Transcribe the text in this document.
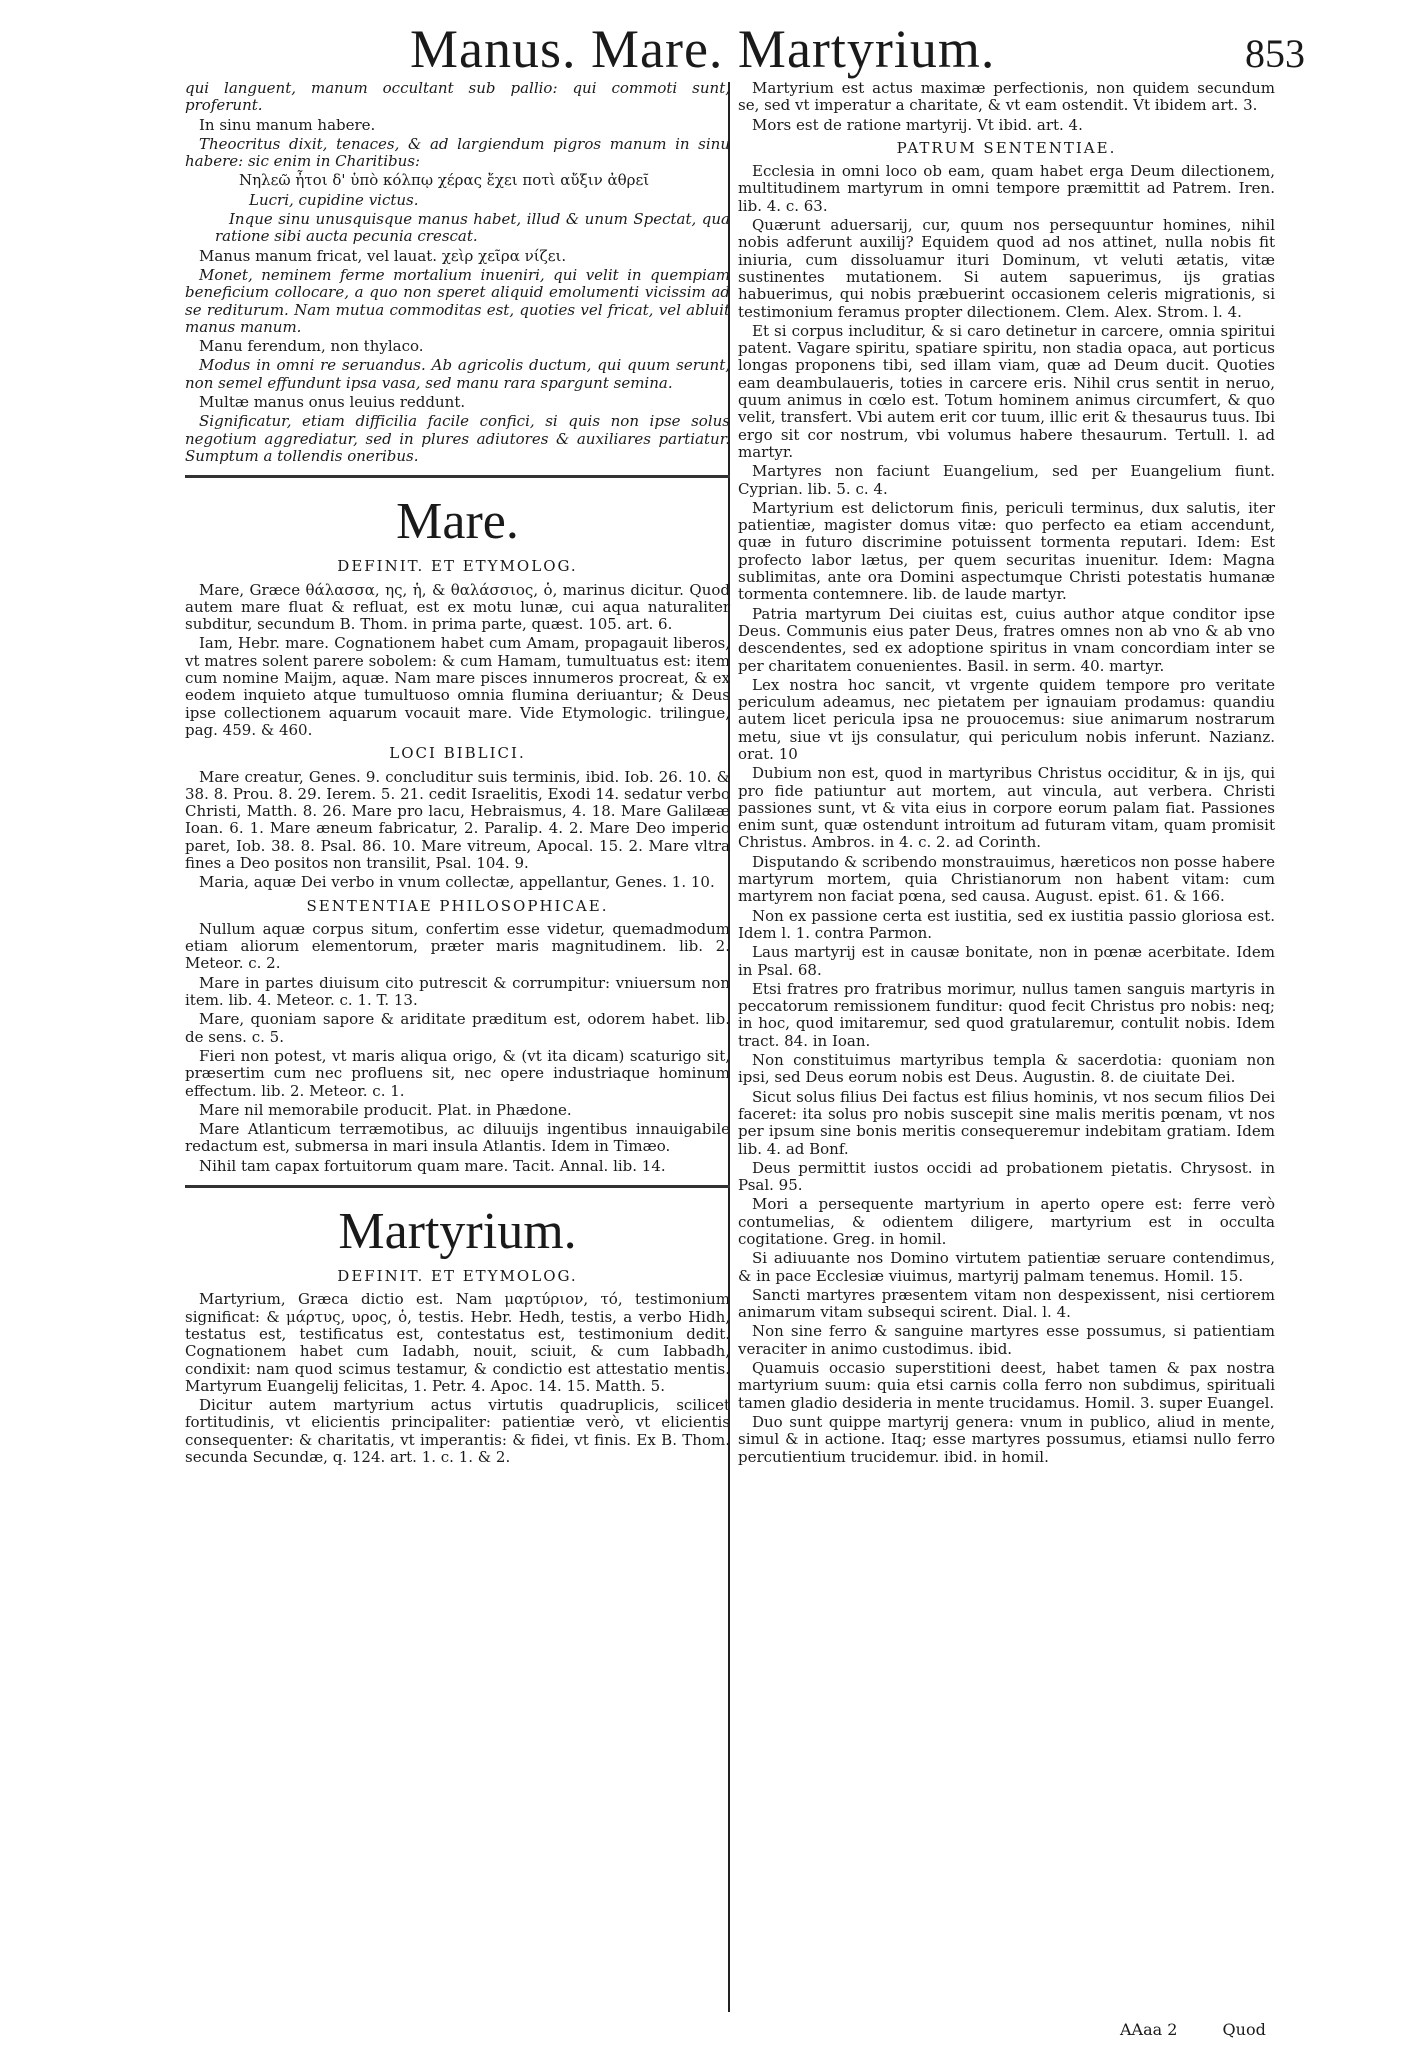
Manus. Mare. Martyrium.	853

qui languent, manum occultant sub pallio: qui commoti sunt, proferunt.

In sinu manum habere.

Theocritus dixit, tenaces, & ad largiendum pigros manum in sinu habere: sic enim in Charitibus:

Νηλεῶ ἦτοι δ' ὑπὸ κόλπῳ χέρας ἔχει ποτὶ αὔξιν ἀθρεῖ

Lucri, cupidine victus.

Inque sinu unusquisque manus habet, illud & unum Spectat, qua ratione sibi aucta pecunia crescat.

Manus manum fricat, vel lauat. χεὶρ χεῖρα νίζει.

Monet, neminem ferme mortalium inueniri, qui velit in quempiam beneficium collocare, a quo non speret aliquid emolumenti vicissim ad se rediturum. Nam mutua commoditas est, quoties vel fricat, vel abluit manus manum.

Manu ferendum, non thylaco.

Modus in omni re seruandus. Ab agricolis ductum, qui quum serunt, non semel effundunt ipsa vasa, sed manu rara spargunt semina.

Multæ manus onus leuius reddunt.

Significatur, etiam difficilia facile confici, si quis non ipse solus negotium aggrediatur, sed in plures adiutores & auxiliares partiatur. Sumptum a tollendis oneribus.

Mare.
DEFINIT. ET ETYMOLOG.

Mare, Græce θάλασσα, ης, ἡ, & θαλάσσιος, ὁ, marinus dicitur. Quod autem mare fluat & refluat, est ex motu lunæ, cui aqua naturaliter subditur, secundum B. Thom. in prima parte, quæst. 105. art. 6.

Iam, Hebr. mare. Cognationem habet cum Amam, propagauit liberos, vt matres solent parere sobolem: & cum Hamam, tumultuatus est: item cum nomine Maijm, aquæ. Nam mare pisces innumeros procreat, & ex eodem inquieto atque tumultuoso omnia flumina deriuantur; & Deus ipse collectionem aquarum vocauit mare. Vide Etymologic. trilingue, pag. 459. & 460.

LOCI BIBLICI.

Mare creatur, Genes. 9. concluditur suis terminis, ibid. Iob. 26. 10. & 38. 8. Prou. 8. 29. Ierem. 5. 21. cedit Israelitis, Exodi 14. sedatur verbo Christi, Matth. 8. 26. Mare pro lacu, Hebraismus, 4. 18. Mare Galilææ Ioan. 6. 1. Mare æneum fabricatur, 2. Paralip. 4. 2. Mare Deo imperio paret, Iob. 38. 8. Psal. 86. 10. Mare vitreum, Apocal. 15. 2. Mare vltra fines a Deo positos non transilit, Psal. 104. 9.

Maria, aquæ Dei verbo in vnum collectæ, appellantur, Genes. 1. 10.

SENTENTIAE PHILOSOPHICAE.

Nullum aquæ corpus situm, confertim esse videtur, quemadmodum etiam aliorum elementorum, præter maris magnitudinem. lib. 2. Meteor. c. 2.

Mare in partes diuisum cito putrescit & corrumpitur: vniuersum non item. lib. 4. Meteor. c. 1. T. 13.

Mare, quoniam sapore & ariditate præditum est, odorem habet. lib. de sens. c. 5.

Fieri non potest, vt maris aliqua origo, & (vt ita dicam) scaturigo sit, præsertim cum nec profluens sit, nec opere industriaque hominum effectum. lib. 2. Meteor. c. 1.

Mare nil memorabile producit. Plat. in Phædone.

Mare Atlanticum terræmotibus, ac diluuijs ingentibus innauigabile redactum est, submersa in mari insula Atlantis. Idem in Timæo.

Nihil tam capax fortuitorum quam mare. Tacit. Annal. lib. 14.

Martyrium.
DEFINIT. ET ETYMOLOG.

Martyrium, Græca dictio est. Nam μαρτύριον, τό, testimonium significat: & μάρτυς, υρος, ὁ, testis. Hebr. Hedh, testis, a verbo Hidh, testatus est, testificatus est, contestatus est, testimonium dedit. Cognationem habet cum Iadabh, nouit, sciuit, & cum Iabbadh, condixit: nam quod scimus testamur, & condictio est attestatio mentis. Martyrum Euangelij felicitas, 1. Petr. 4. Apoc. 14. 15. Matth. 5.

Dicitur autem martyrium actus virtutis quadruplicis, scilicet fortitudinis, vt elicientis principaliter: patientiæ verò, vt elicientis consequenter: & charitatis, vt imperantis: & fidei, vt finis. Ex B. Thom. secunda Secundæ, q. 124. art. 1. c. 1. & 2.

Martyrium est actus maximæ perfectionis, non quidem secundum se, sed vt imperatur a charitate, & vt eam ostendit. Vt ibidem art. 3.

Mors est de ratione martyrij. Vt ibid. art. 4.

PATRUM SENTENTIAE.

Ecclesia in omni loco ob eam, quam habet erga Deum dilectionem, multitudinem martyrum in omni tempore præmittit ad Patrem. Iren. lib. 4. c. 63.

Quærunt aduersarij, cur, quum nos persequuntur homines, nihil nobis adferunt auxilij? Equidem quod ad nos attinet, nulla nobis fit iniuria, cum dissoluamur ituri Dominum, vt veluti ætatis, vitæ sustinentes mutationem. Si autem sapuerimus, ijs gratias habuerimus, qui nobis præbuerint occasionem celeris migrationis, si testimonium feramus propter dilectionem. Clem. Alex. Strom. l. 4.

Et si corpus includitur, & si caro detinetur in carcere, omnia spiritui patent. Vagare spiritu, spatiare spiritu, non stadia opaca, aut porticus longas proponens tibi, sed illam viam, quæ ad Deum ducit. Quoties eam deambulaueris, toties in carcere eris. Nihil crus sentit in neruo, quum animus in cœlo est. Totum hominem animus circumfert, & quo velit, transfert. Vbi autem erit cor tuum, illic erit & thesaurus tuus. Ibi ergo sit cor nostrum, vbi volumus habere thesaurum. Tertull. l. ad martyr.

Martyres non faciunt Euangelium, sed per Euangelium fiunt. Cyprian. lib. 5. c. 4.

Martyrium est delictorum finis, periculi terminus, dux salutis, iter patientiæ, magister domus vitæ: quo perfecto ea etiam accendunt, quæ in futuro discrimine potuissent tormenta reputari. Idem: Est profecto labor lætus, per quem securitas inuenitur. Idem: Magna sublimitas, ante ora Domini aspectumque Christi potestatis humanæ tormenta contemnere. lib. de laude martyr.

Patria martyrum Dei ciuitas est, cuius author atque conditor ipse Deus. Communis eius pater Deus, fratres omnes non ab vno & ab vno descendentes, sed ex adoptione spiritus in vnam concordiam inter se per charitatem conuenientes. Basil. in serm. 40. martyr.

Lex nostra hoc sancit, vt vrgente quidem tempore pro veritate periculum adeamus, nec pietatem per ignauiam prodamus: quandiu autem licet pericula ipsa ne prouocemus: siue animarum nostrarum metu, siue vt ijs consulatur, qui periculum nobis inferunt. Nazianz. orat. 10

Dubium non est, quod in martyribus Christus occiditur, & in ijs, qui pro fide patiuntur aut mortem, aut vincula, aut verbera. Christi passiones sunt, vt & vita eius in corpore eorum palam fiat. Passiones enim sunt, quæ ostendunt introitum ad futuram vitam, quam promisit Christus. Ambros. in 4. c. 2. ad Corinth.

Disputando & scribendo monstrauimus, hæreticos non posse habere martyrum mortem, quia Christianorum non habent vitam: cum martyrem non faciat pœna, sed causa. August. epist. 61. & 166.

Non ex passione certa est iustitia, sed ex iustitia passio gloriosa est. Idem l. 1. contra Parmon.

Laus martyrij est in causæ bonitate, non in pœnæ acerbitate. Idem in Psal. 68.

Etsi fratres pro fratribus morimur, nullus tamen sanguis martyris in peccatorum remissionem funditur: quod fecit Christus pro nobis: neq; in hoc, quod imitaremur, sed quod gratularemur, contulit nobis. Idem tract. 84. in Ioan.

Non constituimus martyribus templa & sacerdotia: quoniam non ipsi, sed Deus eorum nobis est Deus. Augustin. 8. de ciuitate Dei.

Sicut solus filius Dei factus est filius hominis, vt nos secum filios Dei faceret: ita solus pro nobis suscepit sine malis meritis pœnam, vt nos per ipsum sine bonis meritis consequeremur indebitam gratiam. Idem lib. 4. ad Bonf.

Deus permittit iustos occidi ad probationem pietatis. Chrysost. in Psal. 95.

Mori a persequente martyrium in aperto opere est: ferre verò contumelias, & odientem diligere, martyrium est in occulta cogitatione. Greg. in homil.

Si adiuuante nos Domino virtutem patientiæ seruare contendimus, & in pace Ecclesiæ viuimus, martyrij palmam tenemus. Homil. 15.

Sancti martyres præsentem vitam non despexissent, nisi certiorem animarum vitam subsequi scirent. Dial. l. 4.

Non sine ferro & sanguine martyres esse possumus, si patientiam veraciter in animo custodimus. ibid.

Quamuis occasio superstitioni deest, habet tamen & pax nostra martyrium suum: quia etsi carnis colla ferro non subdimus, spirituali tamen gladio desideria in mente trucidamus. Homil. 3. super Euangel.

Duo sunt quippe martyrij genera: vnum in publico, aliud in mente, simul & in actione. Itaq; esse martyres possumus, etiamsi nullo ferro percutientium trucidemur. ibid. in homil.

AAaa 2	Quod
